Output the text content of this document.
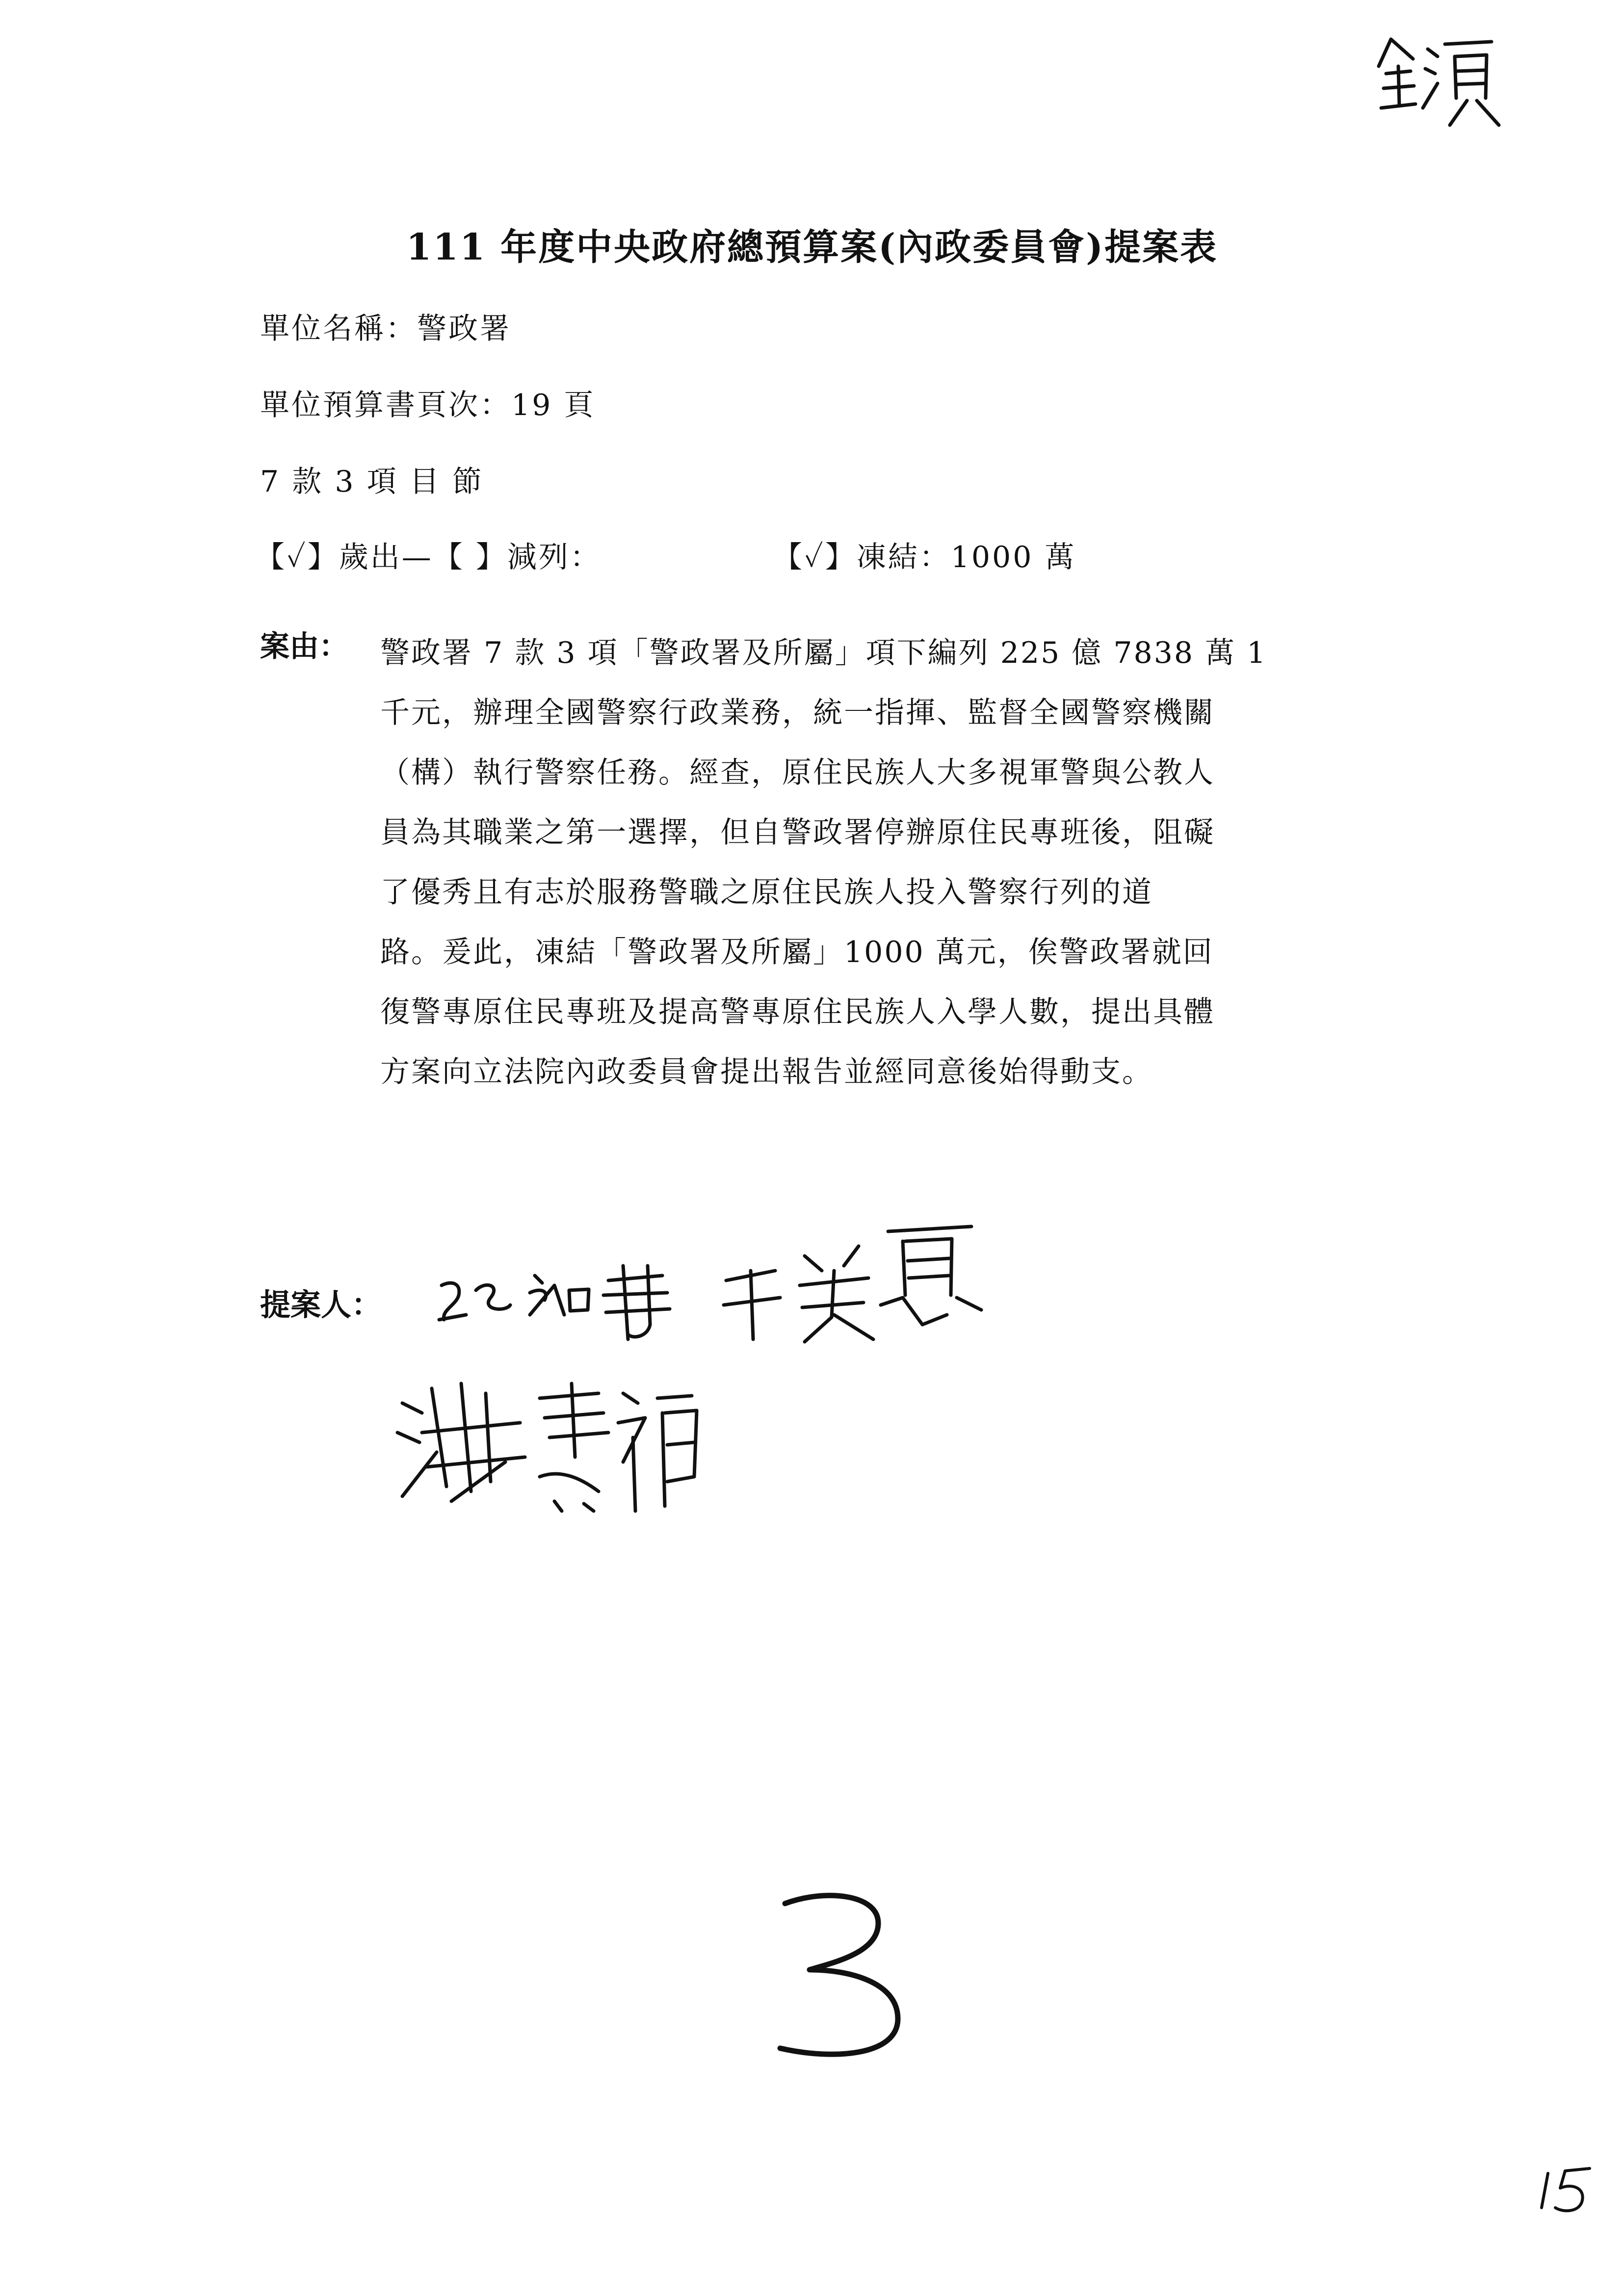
111 年度中央政府總預算案(內政委員會)提案表
單位名稱：警政署
單位預算書頁次：19 頁
7 款 3 項 目 節
【✓】歲出—【 】減列：	【✓】凍結：1000 萬
案由： 警政署 7 款 3 項「警政署及所屬」項下編列 225 億 7838 萬 1
千元，辦理全國警察行政業務，統一指揮、監督全國警察機關
（構）執行警察任務。經查，原住民族人大多視軍警與公教人
員為其職業之第一選擇，但自警政署停辦原住民專班後，阻礙
了優秀且有志於服務警職之原住民族人投入警察行列的道
路。爰此，凍結「警政署及所屬」1000 萬元，俟警政署就回
復警專原住民專班及提高警專原住民族人入學人數，提出具體
方案向立法院內政委員會提出報告並經同意後始得動支。
提案人：
